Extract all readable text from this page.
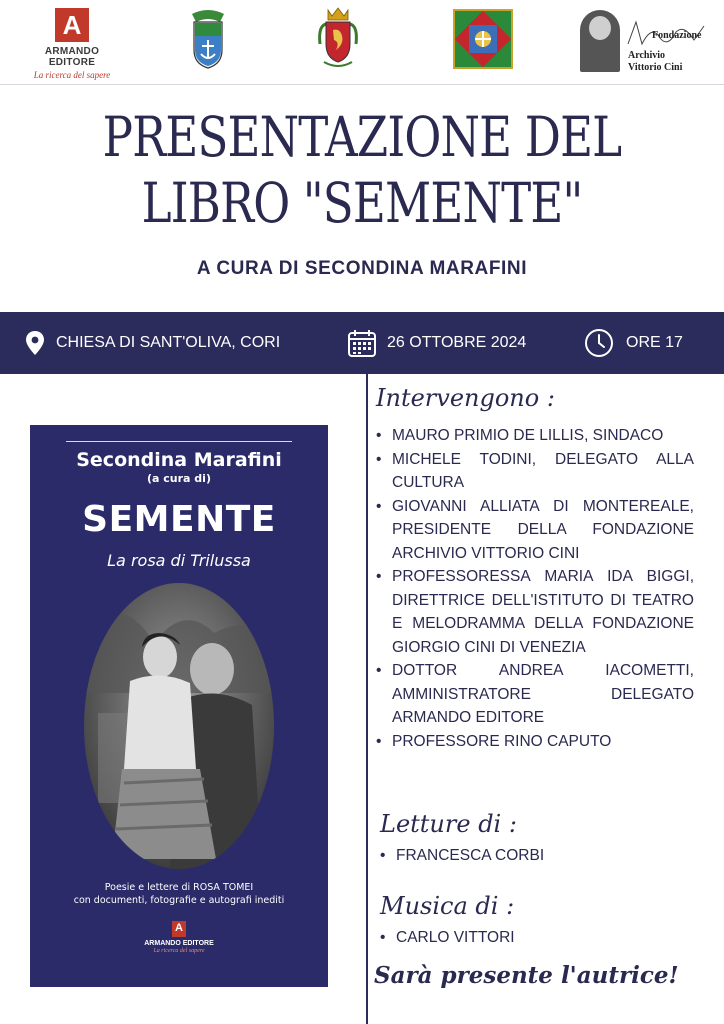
A
ARMANDO EDITORE
La ricerca del sapere
Fondazione
Archivio
Vittorio Cini
PRESENTAZIONE DEL
LIBRO "SEMENTE"
A CURA DI SECONDINA MARAFINI
CHIESA DI SANT'OLIVA, CORI	26 OTTOBRE 2024	ORE 17
Secondina Marafini
(a cura di)
SEMENTE
La rosa di Trilussa
Poesie e lettere di ROSA TOMEI
con documenti, fotografie e autografi inediti
A
ARMANDO EDITORE
La ricerca del sapere
Intervengono :
• MAURO PRIMIO DE LILLIS, SINDACO
• MICHELE TODINI, DELEGATO ALLA CULTURA
• GIOVANNI ALLIATA DI MONTEREALE, PRESIDENTE DELLA FONDAZIONE ARCHIVIO VITTORIO CINI
• PROFESSORESSA MARIA IDA BIGGI, DIRETTRICE DELL'ISTITUTO DI TEATRO E MELODRAMMA DELLA FONDAZIONE GIORGIO CINI DI VENEZIA
• DOTTOR ANDREA IACOMETTI, AMMINISTRATORE DELEGATO ARMANDO EDITORE
• PROFESSORE RINO CAPUTO
Letture di :
• FRANCESCA CORBI
Musica di :
• CARLO VITTORI
Sarà presente l'autrice!
